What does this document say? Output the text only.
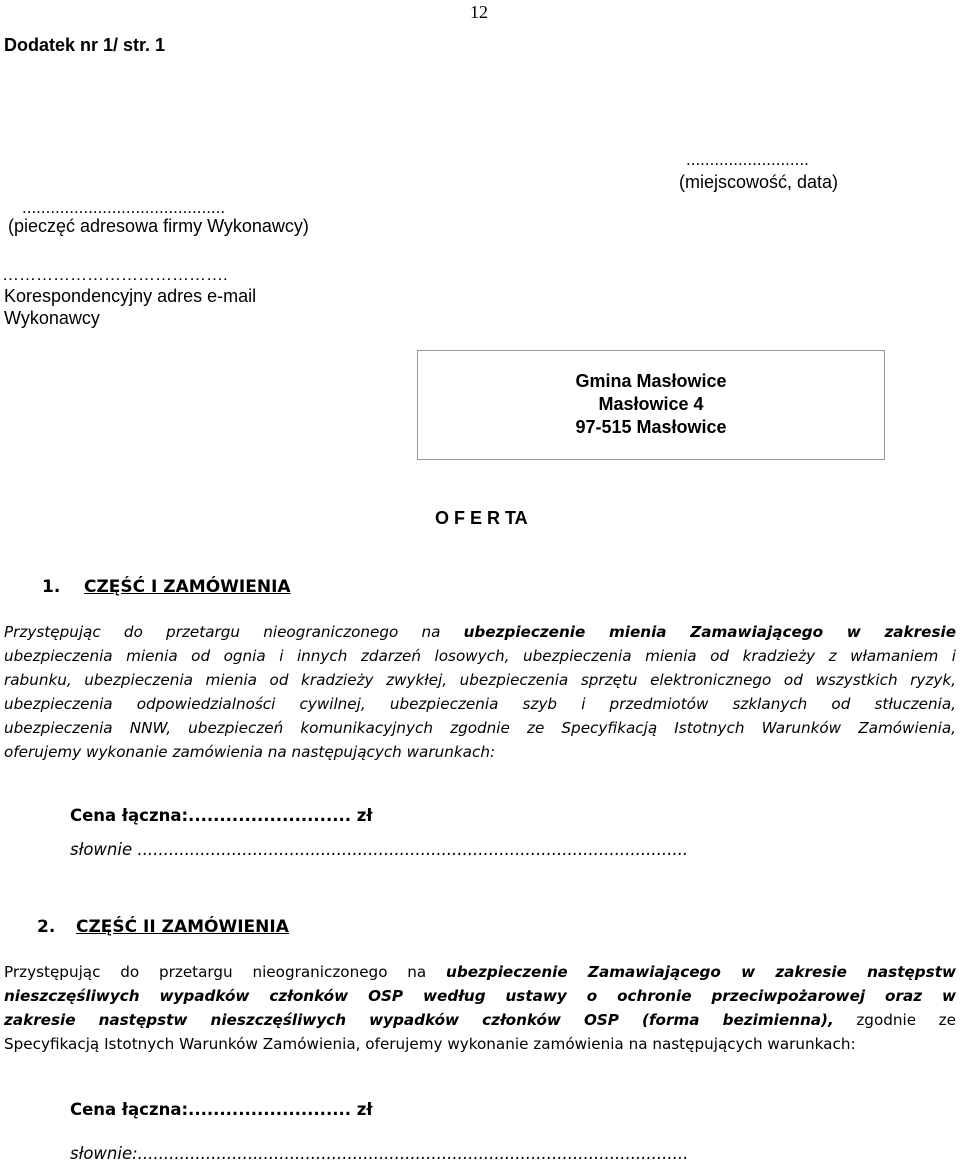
12
Dodatek nr 1/ str. 1
..........................
(miejscowość, data)
...........................................
(pieczęć adresowa firmy Wykonawcy)
………………………………….
Korespondencyjny adres e-mail
Wykonawcy
Gmina Masłowice
Masłowice 4
97-515 Masłowice
O F E R TA
1. CZĘŚĆ I ZAMÓWIENIA
Przystępując do przetargu nieograniczonego na ubezpieczenie mienia Zamawiającego w zakresie
ubezpieczenia mienia od ognia i innych zdarzeń losowych, ubezpieczenia mienia od kradzieży z włamaniem i
rabunku, ubezpieczenia mienia od kradzieży zwykłej, ubezpieczenia sprzętu elektronicznego od wszystkich ryzyk,
ubezpieczenia odpowiedzialności cywilnej, ubezpieczenia szyb i przedmiotów szklanych od stłuczenia,
ubezpieczenia NNW, ubezpieczeń komunikacyjnych zgodnie ze Specyfikacją Istotnych Warunków Zamówienia,
oferujemy wykonanie zamówienia na następujących warunkach:
Cena łączna:.......................... zł
słownie .........................................................................................................
2. CZĘŚĆ II ZAMÓWIENIA
Przystępując do przetargu nieograniczonego na ubezpieczenie Zamawiającego w zakresie następstw
nieszczęśliwych wypadków członków OSP według ustawy o ochronie przeciwpożarowej oraz w
zakresie następstw nieszczęśliwych wypadków członków OSP (forma bezimienna), zgodnie ze
Specyfikacją Istotnych Warunków Zamówienia, oferujemy wykonanie zamówienia na następujących warunkach:
Cena łączna:.......................... zł
słownie:.........................................................................................................
